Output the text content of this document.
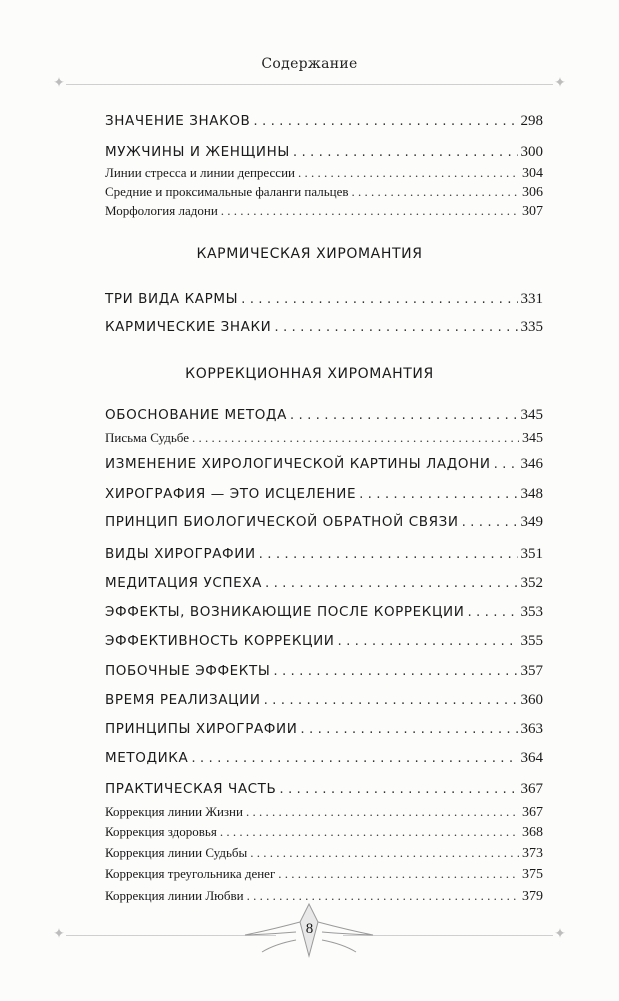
✦	✦
✦	✦
Содержание
ЗНАЧЕНИЕ ЗНАКОВ . . .	298
МУЖЧИНЫ И ЖЕНЩИНЫ . . .	300
Линии стресса и линии депрессии . . .	304
Средние и проксимальные фаланги пальцев . . .	306
Морфология ладони . . .	307
ТРИ ВИДА КАРМЫ . . .	331
КАРМИЧЕСКИЕ ЗНАКИ . . .	335
ОБОСНОВАНИЕ МЕТОДА . . .	345
Письма Судьбе . . .	345
ИЗМЕНЕНИЕ ХИРОЛОГИЧЕСКОЙ КАРТИНЫ ЛАДОНИ . . . 346
ХИРОГРАФИЯ — ЭТО ИСЦЕЛЕНИЕ . . .	348
ПРИНЦИП БИОЛОГИЧЕСКОЙ ОБРАТНОЙ СВЯЗИ . . .	349
ВИДЫ ХИРОГРАФИИ . . .	351
МЕДИТАЦИЯ УСПЕХА . . .	352
ЭФФЕКТЫ, ВОЗНИКАЮЩИЕ ПОСЛЕ КОРРЕКЦИИ . . .	353
ЭФФЕКТИВНОСТЬ КОРРЕКЦИИ . . .	355
ПОБОЧНЫЕ ЭФФЕКТЫ . . .	357
ВРЕМЯ РЕАЛИЗАЦИИ . . .	360
ПРИНЦИПЫ ХИРОГРАФИИ . . .	363
МЕТОДИКА . . .	364
ПРАКТИЧЕСКАЯ ЧАСТЬ . . .	367
Коррекция линии Жизни . . .	367
Коррекция здоровья . . .	368
Коррекция линии Судьбы . . .	373
Коррекция треугольника денег . . .	375
Коррекция линии Любви . . .	379
КАРМИЧЕСКАЯ ХИРОМАНТИЯ
КОРРЕКЦИОННАЯ ХИРОМАНТИЯ
8
